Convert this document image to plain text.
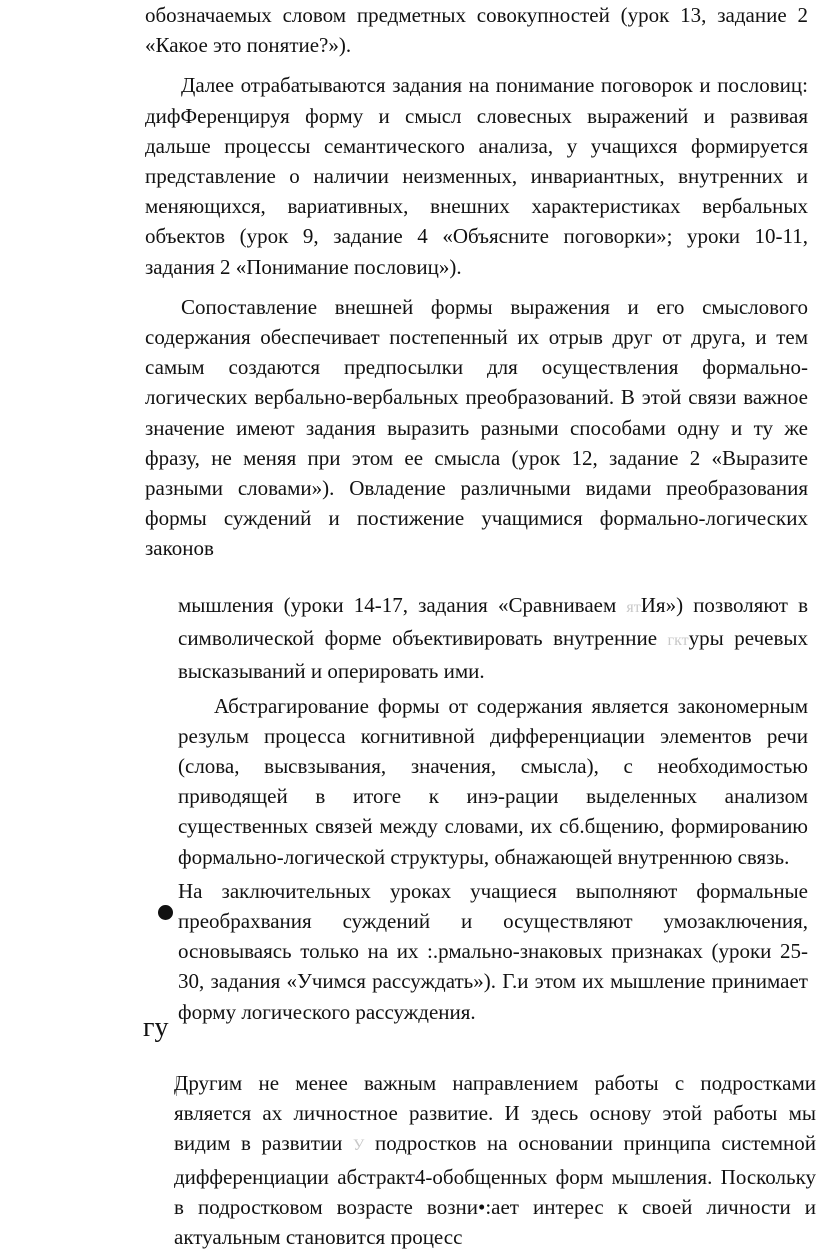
обозначаемых словом предметных совокупностей (урок 13, задание 2 «Какое это понятие?»).

Далее отрабатываются задания на понимание поговорок и пословиц: дифФеренцируя форму и смысл словесных выражений и развивая дальше процессы семантического анализа, у учащихся формируется представление о наличии неизменных, инвариантных, внутренних и меняющихся, вариативных, внешних характеристиках вербальных объектов (урок 9, задание 4 «Объясните поговорки»; уроки 10-11, задания 2 «Понимание пословиц»).

Сопоставление внешней формы выражения и его смыслового содержания обеспечивает постепенный их отрыв друг от друга, и тем самым создаются предпосылки для осуществления формально-логических вербально-вербальных преобразований. В этой связи важное значение имеют задания выразить разными способами одну и ту же фразу, не меняя при этом ее смысла (урок 12, задание 2 «Выразите разными словами»). Овладение различными видами преобразования формы суждений и постижение учащимися формально-логических законов

мышления (уроки 14-17, задания «Сравниваем ятИя») позволяют в символической форме объективировать внутренние гктуры речевых высказываний и оперировать ими.

Абстрагирование формы от содержания является закономерным резульм процесса когнитивной дифференциации элементов речи (слова, высвзывания, значения, смысла), с необходимостью приводящей в итоге к инэ-рации выделенных анализом существенных связей между словами, их сб.бщению, формированию формально-логической структуры, обнажающей внутреннюю связь.

На заключительных уроках учащиеся выполняют формальные преобрахвания суждений и осуществляют умозаключения, основываясь только на их :.рмально-знаковых признаках (уроки 25-30, задания «Учимся рассуждать»). Г.и этом их мышление принимает форму логического рассуждения.

гу

Другим не менее важным направлением работы с подростками является ах личностное развитие. И здесь основу этой работы мы видим в развитии У подростков на основании принципа системной дифференциации абстракт4-обобщенных форм мышления. Поскольку в подростковом возрасте возни•:ает интерес к своей личности и актуальным становится процесс
